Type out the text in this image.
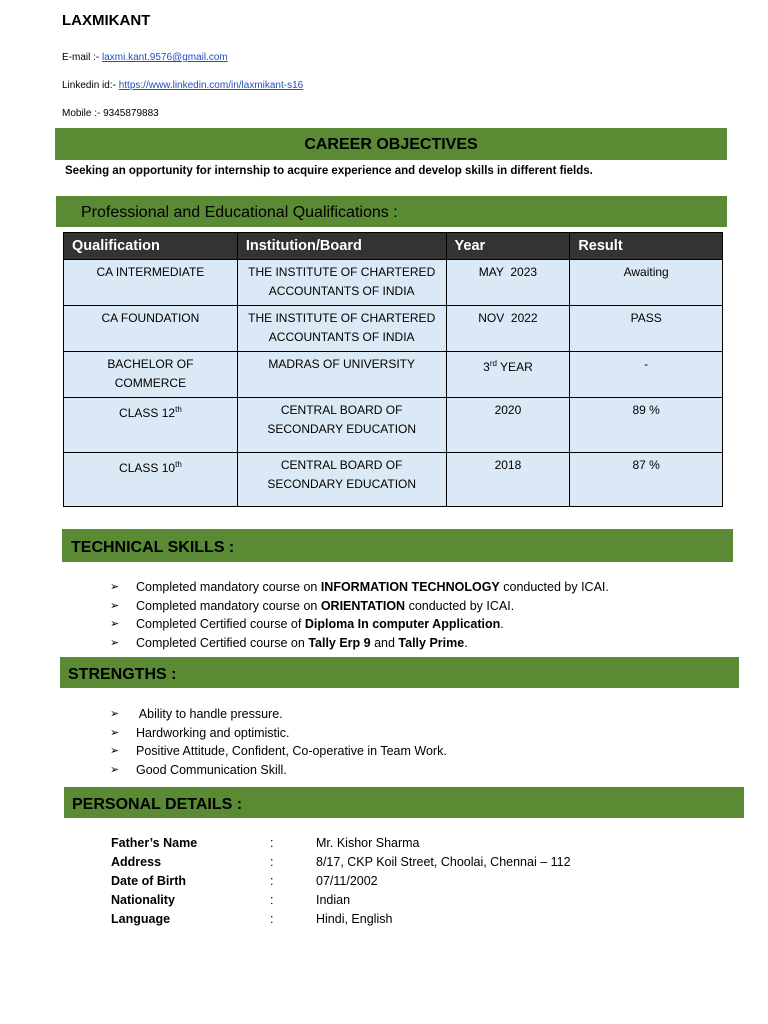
LAXMIKANT
E-mail :- laxmi.kant.9576@gmail.com
Linkedin id:- https://www.linkedin.com/in/laxmikant-s16
Mobile :- 9345879883
CAREER OBJECTIVES
Seeking an opportunity for internship to acquire experience and develop skills in different fields.
Professional and Educational Qualifications :
Qualification	Institution/Board	Year	Result
CA INTERMEDIATE	THE INSTITUTE OF CHARTERED ACCOUNTANTS OF INDIA	MAY  2023	Awaiting
CA FOUNDATION	THE INSTITUTE OF CHARTERED ACCOUNTANTS OF INDIA	NOV  2022	PASS
BACHELOR OF COMMERCE	MADRAS OF UNIVERSITY	3rd YEAR	-
CLASS 12th	CENTRAL BOARD OF SECONDARY EDUCATION	2020	89 %
CLASS 10th	CENTRAL BOARD OF SECONDARY EDUCATION	2018	87 %
TECHNICAL SKILLS :
➢ Completed mandatory course on INFORMATION TECHNOLOGY conducted by ICAI.
➢ Completed mandatory course on ORIENTATION conducted by ICAI.
➢ Completed Certified course of Diploma In computer Application.
➢ Completed Certified course on Tally Erp 9 and Tally Prime.
STRENGTHS :
➢ Ability to handle pressure.
➢ Hardworking and optimistic.
➢ Positive Attitude, Confident, Co-operative in Team Work.
➢ Good Communication Skill.
PERSONAL DETAILS :
Father’s Name	:	Mr. Kishor Sharma
Address	:	8/17, CKP Koil Street, Choolai, Chennai – 112
Date of Birth	:	07/11/2002
Nationality	:	Indian
Language	:	Hindi, English
